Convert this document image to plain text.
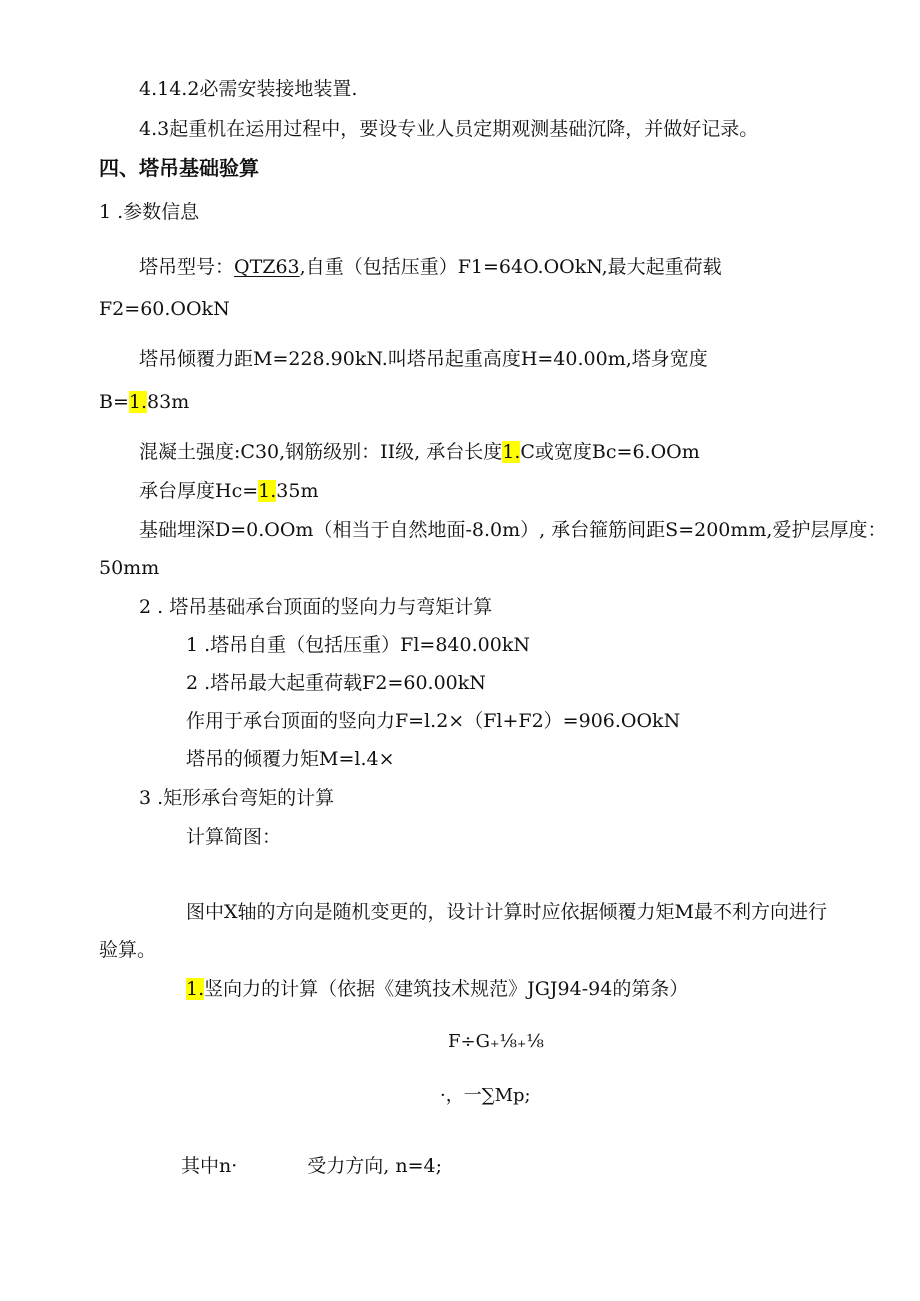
4.14.2必需安装接地装置.
4.3起重机在运用过程中，要设专业人员定期观测基础沉降，并做好记录。
四、塔吊基础验算
1 .参数信息
塔吊型号：QTZ63,自重（包括压重）F1=64O.OOkN,最大起重荷载
F2=60.OOkN
塔吊倾覆力距M=228.90kN.叫塔吊起重高度H=40.00m,塔身宽度
B=1.83m
混凝土强度:C30,钢筋级别：II级, 承台长度1.C或宽度Bc=6.OOm
承台厚度Hc=1.35m
基础埋深D=0.OOm（相当于自然地面-8.0m）, 承台箍筋间距S=200mm,爱护层厚度：
50mm
2 . 塔吊基础承台顶面的竖向力与弯矩计算
1 .塔吊自重（包括压重）Fl=840.00kN
2 .塔吊最大起重荷载F2=60.00kN
作用于承台顶面的竖向力F=l.2×（Fl+F2）=906.OOkN
塔吊的倾覆力矩M=l.4×
3 .矩形承台弯矩的计算
计算简图：
图中X轴的方向是随机变更的，设计计算时应依据倾覆力矩M最不利方向进行
验算。
1.竖向力的计算（依据《建筑技术规范》JGJ94-94的第条）
F÷G₊⅛₊⅛
·，一∑Mp;
其中n·	受力方向, n=4;
